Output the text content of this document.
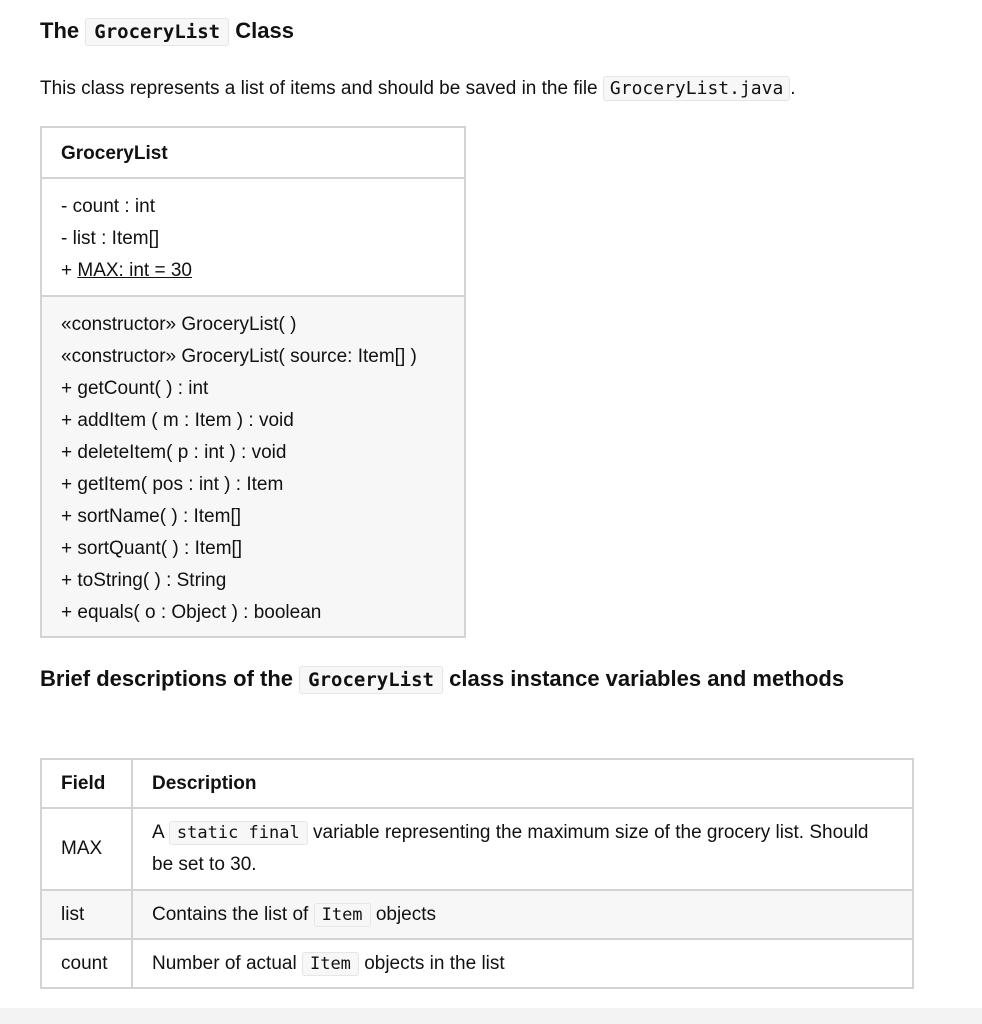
The GroceryList Class

This class represents a list of items and should be saved in the file GroceryList.java .

GroceryList
- count : int
- list : Item[]
+ MAX: int = 30
«constructor» GroceryList( )
«constructor» GroceryList( source: Item[] )
+ getCount( ) : int
+ addItem ( m : Item ) : void
+ deleteItem( p : int ) : void
+ getItem( pos : int ) : Item
+ sortName( ) : Item[]
+ sortQuant( ) : Item[]
+ toString( ) : String
+ equals( o : Object ) : boolean
Brief descriptions of the GroceryList class instance variables and methods
Field	Description
MAX	A static final variable representing the maximum size of the grocery list. Should be set to 30.
list	Contains the list of Item objects
count	Number of actual Item objects in the list
